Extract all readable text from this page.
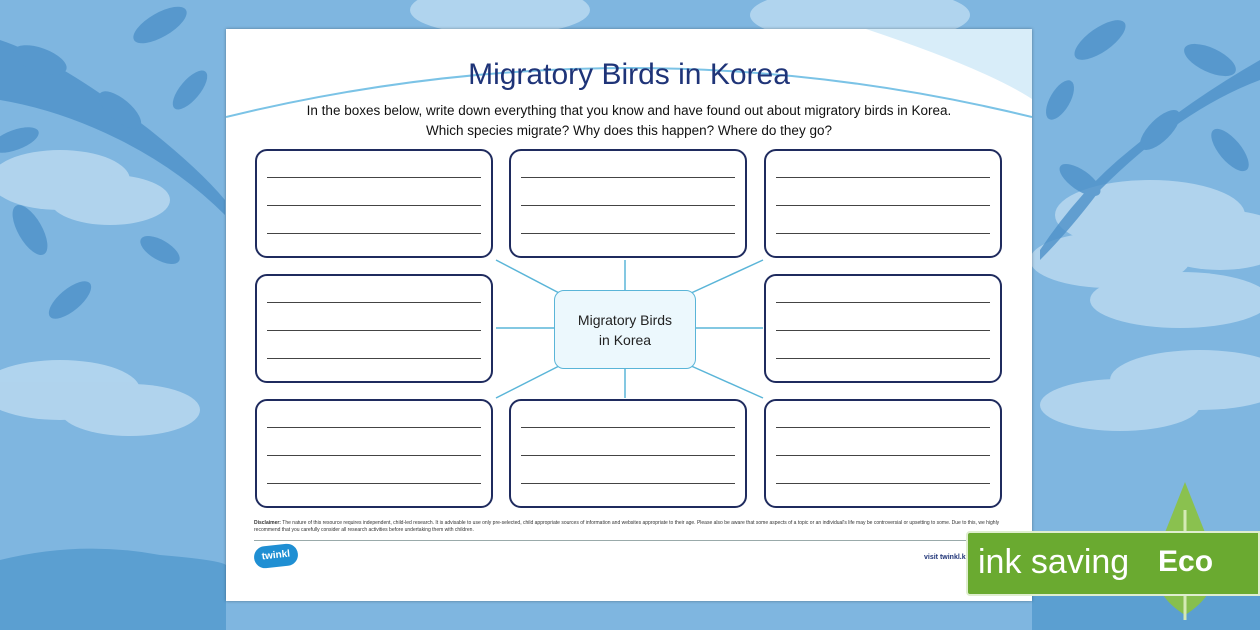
Migratory Birds in Korea
In the boxes below, write down everything that you know and have found out about migratory birds in Korea.
Which species migrate? Why does this happen? Where do they go?
Migratory Birds
in Korea
Disclaimer: The nature of this resource requires independent, child-led research. It is advisable to use only pre-selected, child appropriate sources of information and websites appropriate to their age. Please also be aware that some aspects of a topic or an individual's life may be controversial or upsetting to some. Due to this, we highly recommend that you carefully consider all research activities before undertaking them with children.
twinkl	visit twinkl.k ink saving Eco
